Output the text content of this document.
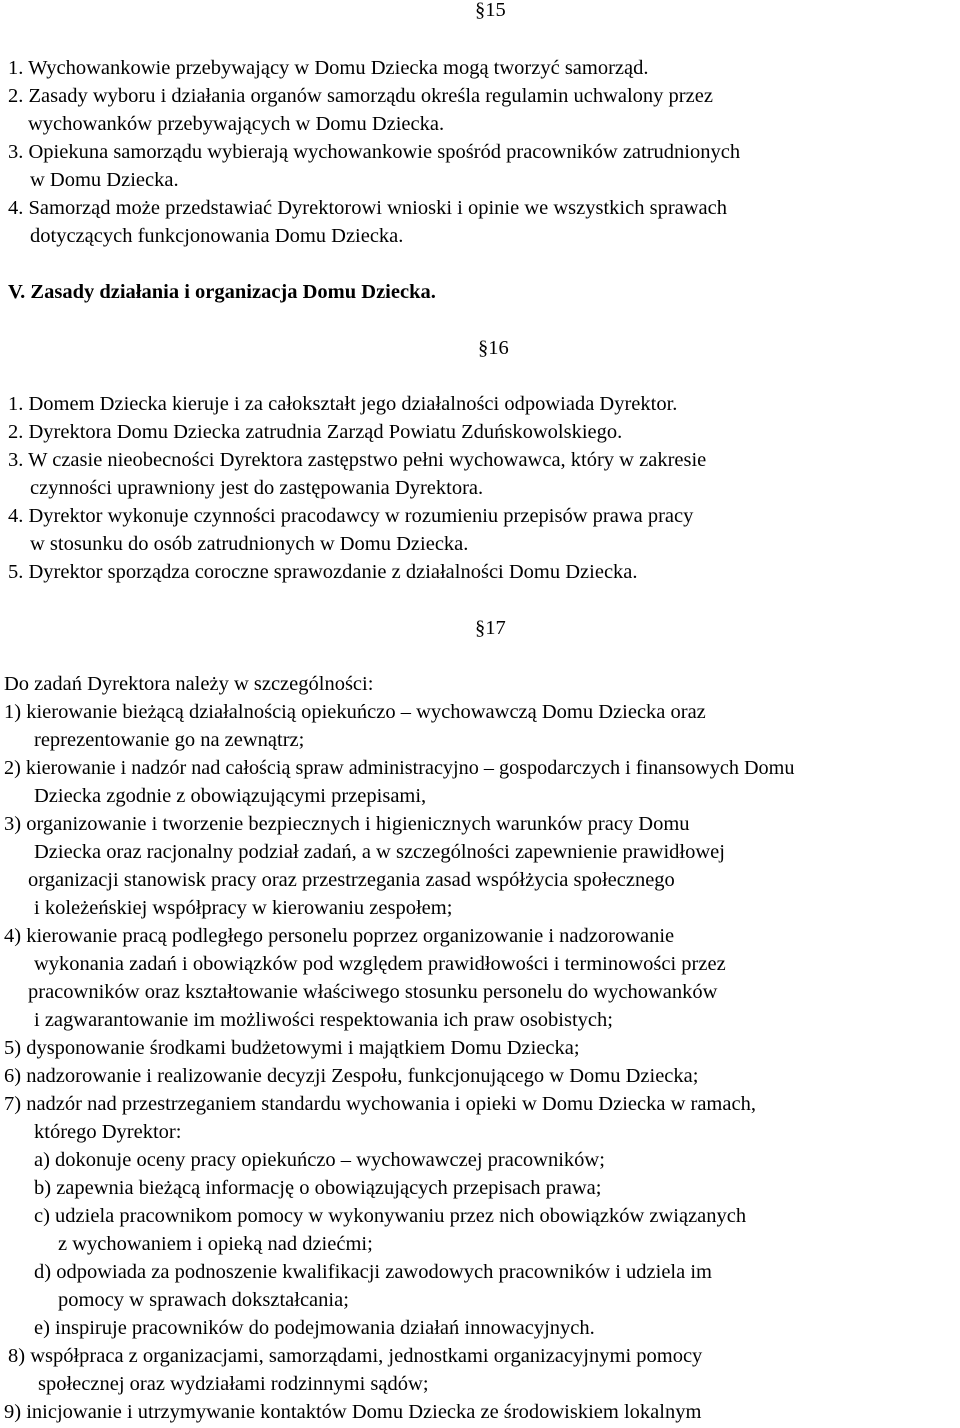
§15
1. Wychowankowie przebywający w Domu Dziecka mogą tworzyć samorząd.
2. Zasady wyboru i działania organów samorządu określa regulamin uchwalony przez
wychowanków przebywających w Domu Dziecka.
3. Opiekuna samorządu wybierają wychowankowie spośród pracowników zatrudnionych
w Domu Dziecka.
4. Samorząd może przedstawiać Dyrektorowi wnioski i opinie we wszystkich sprawach
dotyczących funkcjonowania Domu Dziecka.
V. Zasady działania i organizacja Domu Dziecka.
§16
1. Domem Dziecka kieruje i za całokształt jego działalności odpowiada Dyrektor.
2. Dyrektora Domu Dziecka zatrudnia Zarząd Powiatu Zduńskowolskiego.
3. W czasie nieobecności Dyrektora zastępstwo pełni wychowawca, który w zakresie
czynności uprawniony jest do zastępowania Dyrektora.
4. Dyrektor wykonuje czynności pracodawcy w rozumieniu przepisów prawa pracy
w stosunku do osób zatrudnionych w Domu Dziecka.
5. Dyrektor sporządza coroczne sprawozdanie z działalności Domu Dziecka.
§17
Do zadań Dyrektora należy w szczególności:
1) kierowanie bieżącą działalnością opiekuńczo – wychowawczą Domu Dziecka oraz
reprezentowanie go na zewnątrz;
2) kierowanie i nadzór nad całością spraw administracyjno – gospodarczych i finansowych Domu
Dziecka zgodnie z obowiązującymi przepisami,
3) organizowanie i tworzenie bezpiecznych i higienicznych warunków pracy Domu
Dziecka oraz racjonalny podział zadań, a w szczególności zapewnienie prawidłowej
organizacji stanowisk pracy oraz przestrzegania zasad współżycia społecznego
i koleżeńskiej współpracy w kierowaniu zespołem;
4) kierowanie pracą podległego personelu poprzez organizowanie i nadzorowanie
wykonania zadań i obowiązków pod względem prawidłowości i terminowości przez
pracowników oraz kształtowanie właściwego stosunku personelu do wychowanków
i zagwarantowanie im możliwości respektowania ich praw osobistych;
5) dysponowanie środkami budżetowymi i majątkiem Domu Dziecka;
6) nadzorowanie i realizowanie decyzji Zespołu, funkcjonującego w Domu Dziecka;
7) nadzór nad przestrzeganiem standardu wychowania i opieki w Domu Dziecka w ramach,
którego Dyrektor:
a) dokonuje oceny pracy opiekuńczo – wychowawczej pracowników;
b) zapewnia bieżącą informację o obowiązujących przepisach prawa;
c) udziela pracownikom pomocy w wykonywaniu przez nich obowiązków związanych
z wychowaniem i opieką nad dziećmi;
d) odpowiada za podnoszenie kwalifikacji zawodowych pracowników i udziela im
pomocy w sprawach dokształcania;
e) inspiruje pracowników do podejmowania działań innowacyjnych.
8) współpraca z organizacjami, samorządami, jednostkami organizacyjnymi pomocy
społecznej oraz wydziałami rodzinnymi sądów;
9) inicjowanie i utrzymywanie kontaktów Domu Dziecka ze środowiskiem lokalnym
